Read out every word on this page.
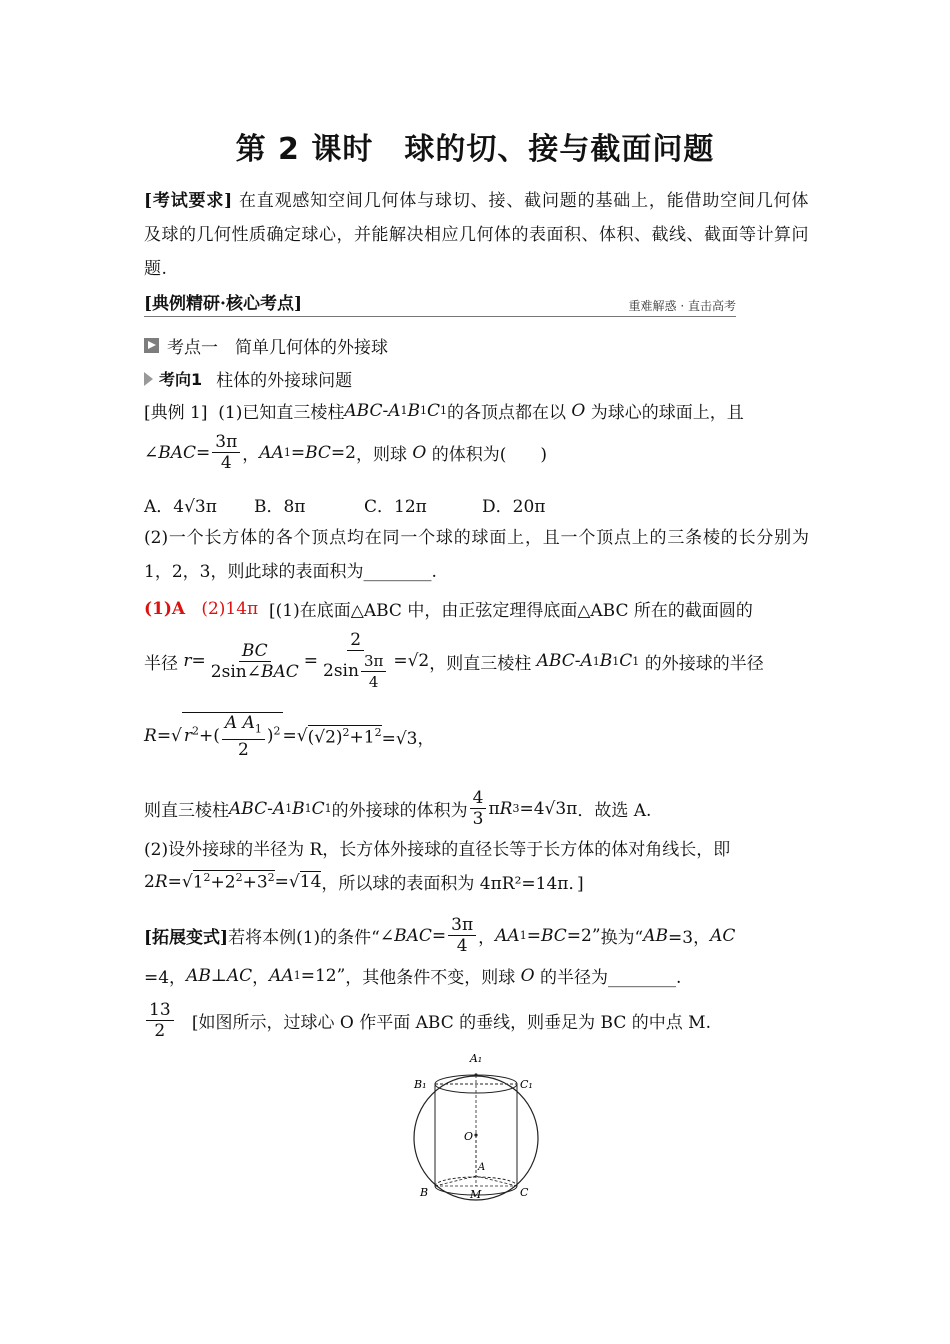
第 2 课时　球的切、接与截面问题
[考试要求] 在直观感知空间几何体与球切、接、截问题的基础上，能借助空间几何体及球的几何性质确定球心，并能解决相应几何体的表面积、体积、截线、截面等计算问题.
[典例精研·核心考点]	重难解惑 · 直击高考
考点一　简单几何体的外接球
考向1 柱体的外接球问题
[典例 1]
(1)已知直三棱柱 ABC - A 1 B 1 C 1 的各顶点都在以 O 为球心的球面上，且
∠ BAC = $\frac{3\pi}{4}$ ， AA 1 = BC =2 ，则球 O 的体积为(　　)
A．4√3π	B．8π	C．12π	D．20π
(2)一个长方体的各个顶点均在同一个球的球面上，且一个顶点上的三条棱的长分别为 1，2，3，则此球的表面积为________.
(1)A
(2)14π
[(1)在底面△ABC 中，由正弦定理得底面△ABC 所在的截面圆的
半径
$r = \frac{BC}{\text{2sin∠BAC}} = \frac{2}{2\sin \frac{3\pi}{4}} =√2$ ，则直三棱柱
ABC - A 1 B 1 C 1
的外接球的半径
R =√ $r^2+( \frac{A A_1}{2} )^2$ =√ $(√2)^2+1^2 =√3$，
则直三棱柱 ABC - A 1 B 1 C 1 的外接球的体积为 $\frac{4}{3}$ π R 3 =4√3π ．故选 A.
(2)设外接球的半径为 R，长方体外接球的直径长等于长方体的体对角线长，即
2 R =√ $1^2+2^2+3^2$ =√ 14 ，所以球的表面积为 4πR²=14π．]
[拓展变式] 若将本例(1)的条件“ ∠ BAC = $\frac{3\pi}{4}$ ， AA 1 = BC =2” 换为“ AB =3， AC
=4， AB ⊥ AC ， AA 1 =12” ，其他条件不变，则球 O 的半径为________.
$\frac{13}{2}$
[如图所示，过球心 O 作平面 ABC 的垂线，则垂足为 BC 的中点 M.
A₁
B₁	C₁
O
A
B	M	C
